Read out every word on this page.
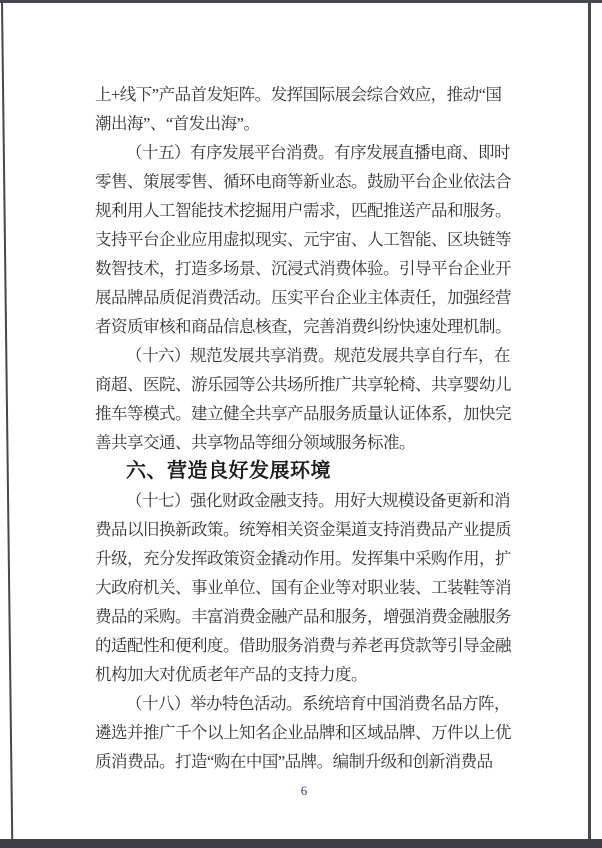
上+线下”产品首发矩阵。发挥国际展会综合效应，推动“国
潮出海”、“首发出海”。
（十五）有序发展平台消费。有序发展直播电商、即时
零售、策展零售、循环电商等新业态。鼓励平台企业依法合
规利用人工智能技术挖掘用户需求，匹配推送产品和服务。
支持平台企业应用虚拟现实、元宇宙、人工智能、区块链等
数智技术，打造多场景、沉浸式消费体验。引导平台企业开
展品牌品质促消费活动。压实平台企业主体责任，加强经营
者资质审核和商品信息核查，完善消费纠纷快速处理机制。
（十六）规范发展共享消费。规范发展共享自行车，在
商超、医院、游乐园等公共场所推广共享轮椅、共享婴幼儿
推车等模式。建立健全共享产品服务质量认证体系，加快完
善共享交通、共享物品等细分领域服务标准。
六、营造良好发展环境
（十七）强化财政金融支持。用好大规模设备更新和消
费品以旧换新政策。统筹相关资金渠道支持消费品产业提质
升级，充分发挥政策资金撬动作用。发挥集中采购作用，扩
大政府机关、事业单位、国有企业等对职业装、工装鞋等消
费品的采购。丰富消费金融产品和服务，增强消费金融服务
的适配性和便利度。借助服务消费与养老再贷款等引导金融
机构加大对优质老年产品的支持力度。
（十八）举办特色活动。系统培育中国消费名品方阵，
遴选并推广千个以上知名企业品牌和区域品牌、万件以上优
质消费品。打造“购在中国”品牌。编制升级和创新消费品
6
